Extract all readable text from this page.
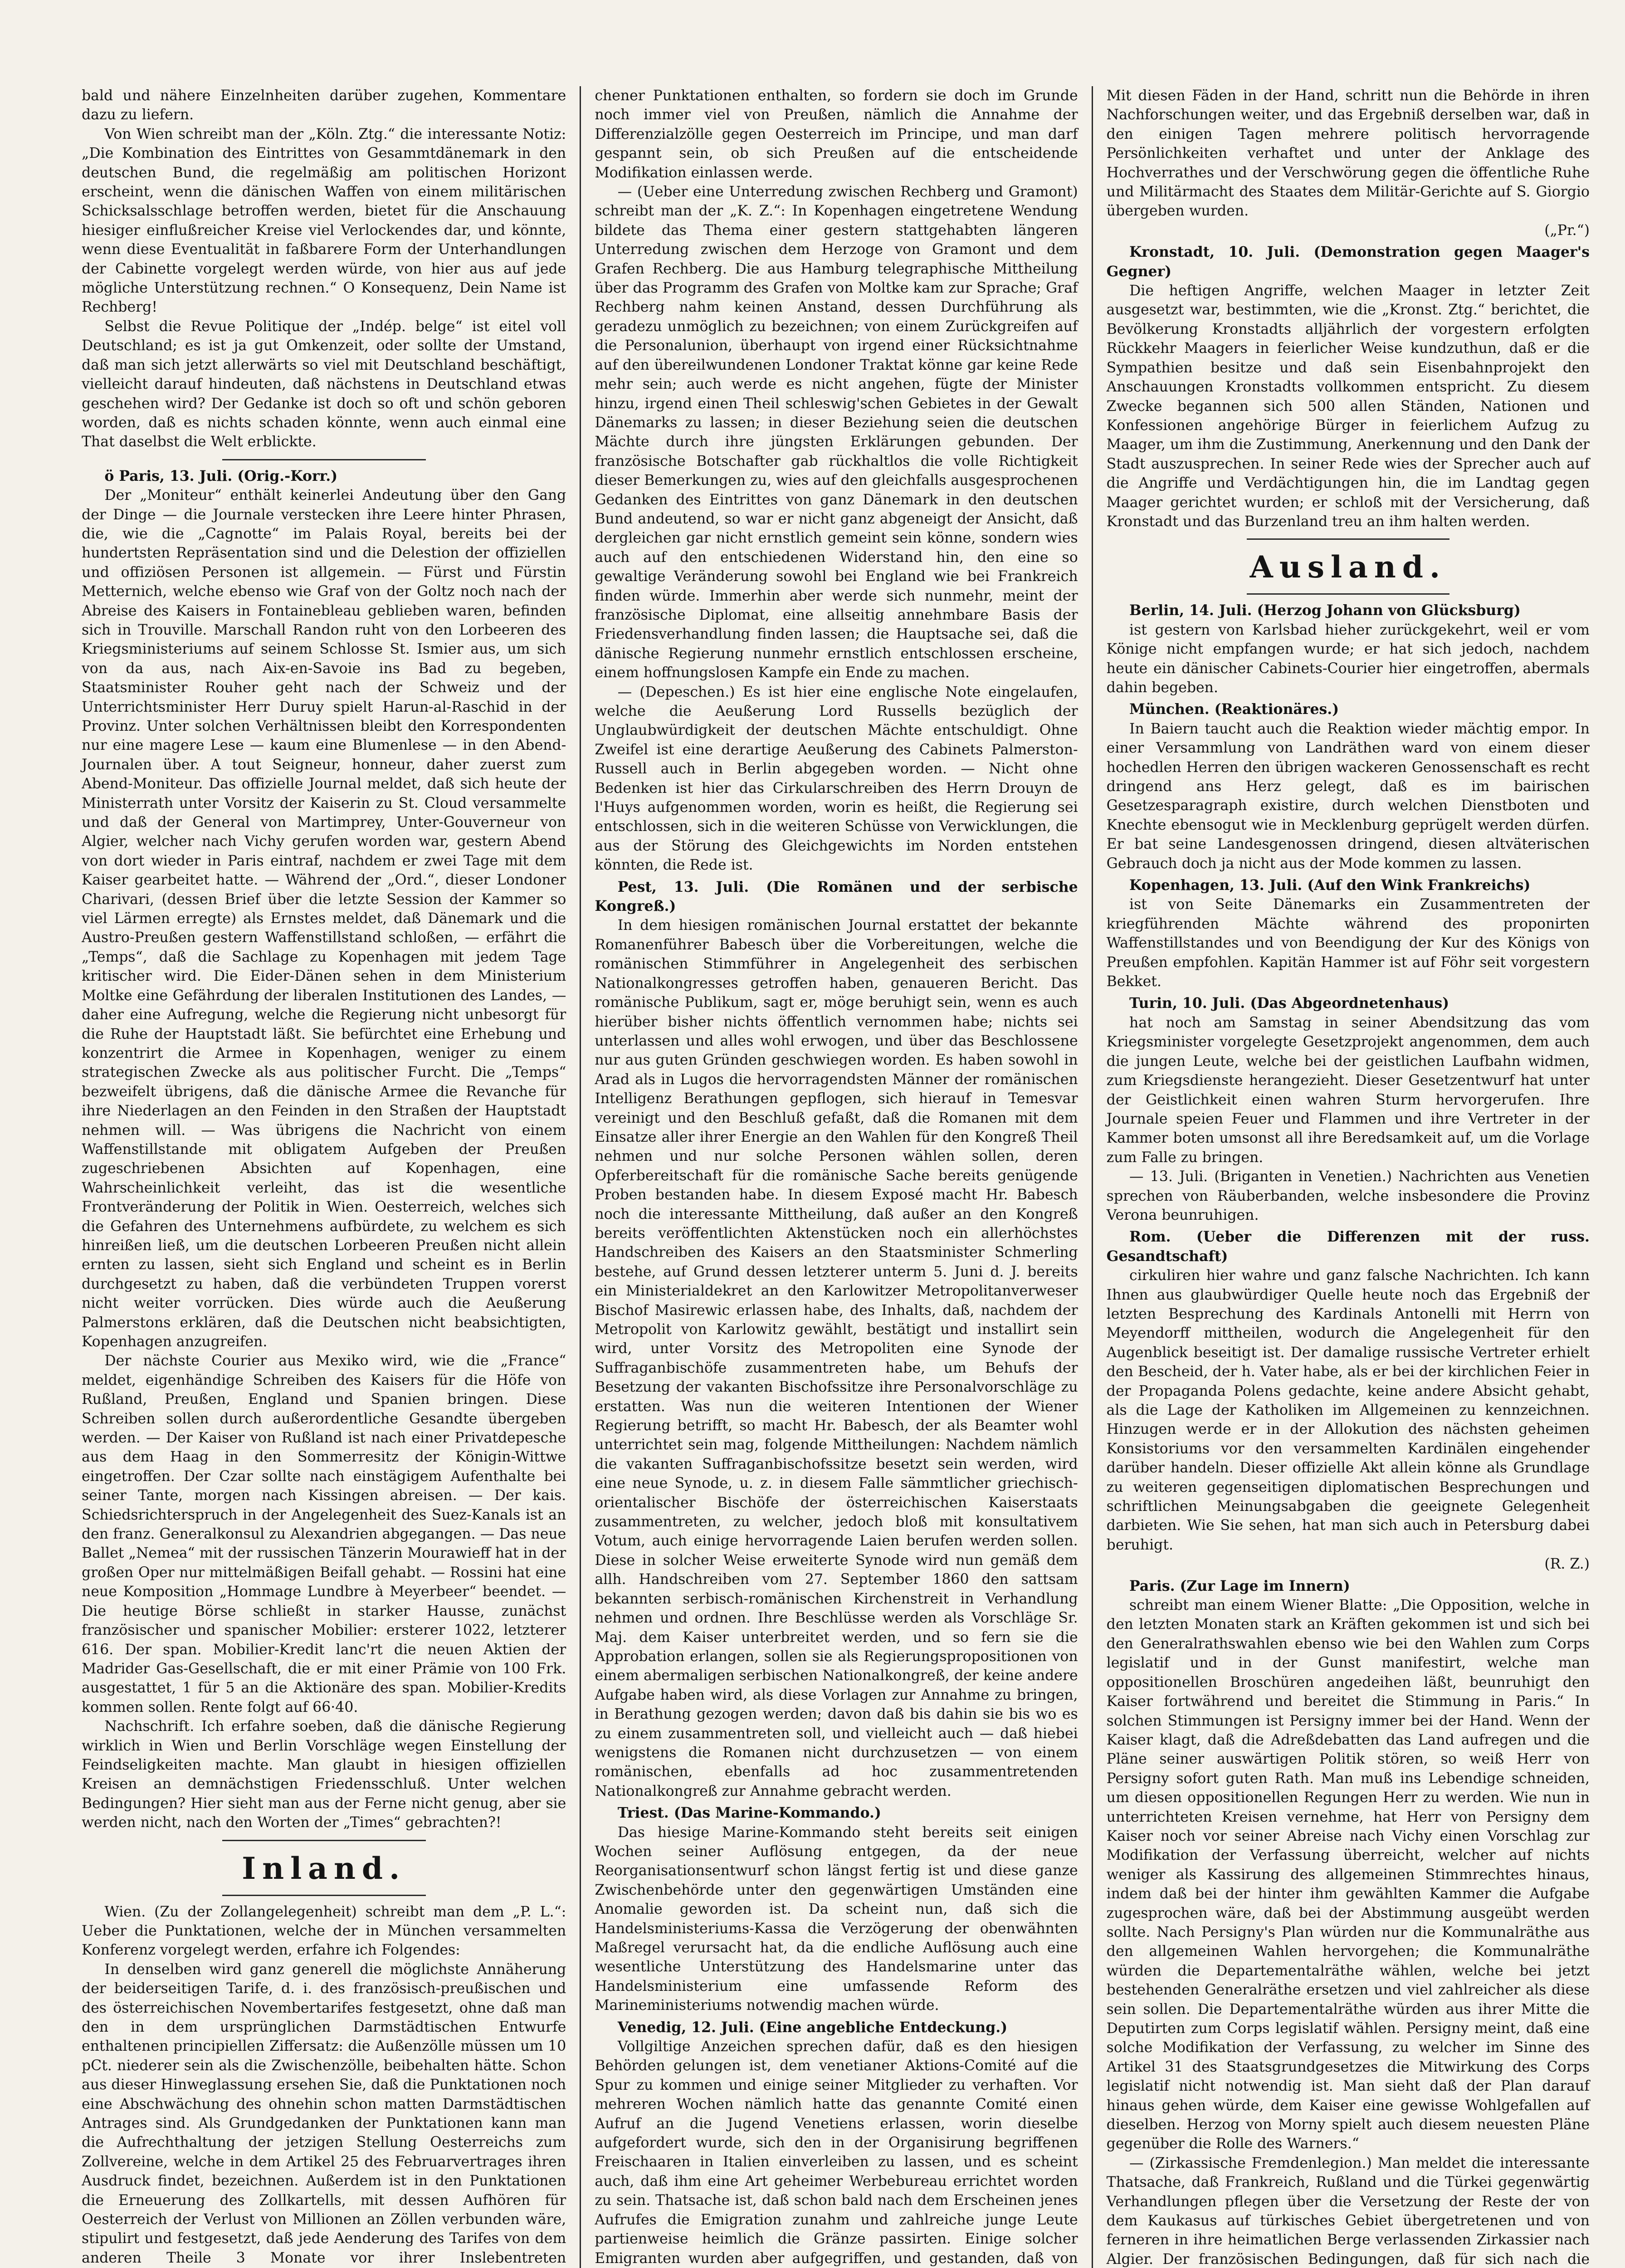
bald und nähere Einzelnheiten darüber zugehen, Kommentare dazu zu liefern.

Von Wien schreibt man der „Köln. Ztg.“ die interessante Notiz: „Die Kombination des Eintrittes von Gesammtdänemark in den deutschen Bund, die regelmäßig am politischen Horizont erscheint, wenn die dänischen Waffen von einem militärischen Schicksalsschlage betroffen werden, bietet für die Anschauung hiesiger einflußreicher Kreise viel Verlockendes dar, und könnte, wenn diese Eventualität in faßbarere Form der Unterhandlungen der Cabinette vorgelegt werden würde, von hier aus auf jede mögliche Unterstützung rechnen.“ O Konsequenz, Dein Name ist Rechberg!

Selbst die Revue Politique der „Indép. belge“ ist eitel voll Deutschland; es ist ja gut Omkenzeit, oder sollte der Umstand, daß man sich jetzt allerwärts so viel mit Deutschland beschäftigt, vielleicht darauf hindeuten, daß nächstens in Deutschland etwas geschehen wird? Der Gedanke ist doch so oft und schön geboren worden, daß es nichts schaden könnte, wenn auch einmal eine That daselbst die Welt erblickte.

ö Paris, 13. Juli. (Orig.-Korr.)

Der „Moniteur“ enthält keinerlei Andeutung über den Gang der Dinge — die Journale verstecken ihre Leere hinter Phrasen, die, wie die „Cagnotte“ im Palais Royal, bereits bei der hundertsten Repräsentation sind und die Delestion der offiziellen und offiziösen Personen ist allgemein. — Fürst und Fürstin Metternich, welche ebenso wie Graf von der Goltz noch nach der Abreise des Kaisers in Fontainebleau geblieben waren, befinden sich in Trouville. Marschall Randon ruht von den Lorbeeren des Kriegsministeriums auf seinem Schlosse St. Ismier aus, um sich von da aus, nach Aix-en-Savoie ins Bad zu begeben, Staatsminister Rouher geht nach der Schweiz und der Unterrichtsminister Herr Duruy spielt Harun-al-Raschid in der Provinz. Unter solchen Verhältnissen bleibt den Korrespondenten nur eine magere Lese — kaum eine Blumenlese — in den Abend-Journalen über. A tout Seigneur, honneur, daher zuerst zum Abend-Moniteur. Das offizielle Journal meldet, daß sich heute der Ministerrath unter Vorsitz der Kaiserin zu St. Cloud versammelte und daß der General von Martimprey, Unter-Gouverneur von Algier, welcher nach Vichy gerufen worden war, gestern Abend von dort wieder in Paris eintraf, nachdem er zwei Tage mit dem Kaiser gearbeitet hatte. — Während der „Ord.“, dieser Londoner Charivari, (dessen Brief über die letzte Session der Kammer so viel Lärmen erregte) als Ernstes meldet, daß Dänemark und die Austro-Preußen gestern Waffenstillstand schloßen, — erfährt die „Temps“, daß die Sachlage zu Kopenhagen mit jedem Tage kritischer wird. Die Eider-Dänen sehen in dem Ministerium Moltke eine Gefährdung der liberalen Institutionen des Landes, — daher eine Aufregung, welche die Regierung nicht unbesorgt für die Ruhe der Hauptstadt läßt. Sie befürchtet eine Erhebung und konzentrirt die Armee in Kopenhagen, weniger zu einem strategischen Zwecke als aus politischer Furcht. Die „Temps“ bezweifelt übrigens, daß die dänische Armee die Revanche für ihre Niederlagen an den Feinden in den Straßen der Hauptstadt nehmen will. — Was übrigens die Nachricht von einem Waffenstillstande mit obligatem Aufgeben der Preußen zugeschriebenen Absichten auf Kopenhagen, eine Wahrscheinlichkeit verleiht, das ist die wesentliche Frontveränderung der Politik in Wien. Oesterreich, welches sich die Gefahren des Unternehmens aufbürdete, zu welchem es sich hinreißen ließ, um die deutschen Lorbeeren Preußen nicht allein ernten zu lassen, sieht sich England und scheint es in Berlin durchgesetzt zu haben, daß die verbündeten Truppen vorerst nicht weiter vorrücken. Dies würde auch die Aeußerung Palmerstons erklären, daß die Deutschen nicht beabsichtigten, Kopenhagen anzugreifen.

Der nächste Courier aus Mexiko wird, wie die „France“ meldet, eigenhändige Schreiben des Kaisers für die Höfe von Rußland, Preußen, England und Spanien bringen. Diese Schreiben sollen durch außerordentliche Gesandte übergeben werden. — Der Kaiser von Rußland ist nach einer Privatdepesche aus dem Haag in den Sommerresitz der Königin-Wittwe eingetroffen. Der Czar sollte nach einstägigem Aufenthalte bei seiner Tante, morgen nach Kissingen abreisen. — Der kais. Schiedsrichterspruch in der Angelegenheit des Suez-Kanals ist an den franz. Generalkonsul zu Alexandrien abgegangen. — Das neue Ballet „Nemea“ mit der russischen Tänzerin Mourawieff hat in der großen Oper nur mittelmäßigen Beifall gehabt. — Rossini hat eine neue Komposition „Hommage Lundbre à Meyerbeer“ beendet. — Die heutige Börse schließt in starker Hausse, zunächst französischer und spanischer Mobilier: ersterer 1022, letzterer 616. Der span. Mobilier-Kredit lanc'rt die neuen Aktien der Madrider Gas-Gesellschaft, die er mit einer Prämie von 100 Frk. ausgestattet, 1 für 5 an die Aktionäre des span. Mobilier-Kredits kommen sollen. Rente folgt auf 66·40.

Nachschrift. Ich erfahre soeben, daß die dänische Regierung wirklich in Wien und Berlin Vorschläge wegen Einstellung der Feindseligkeiten machte. Man glaubt in hiesigen offiziellen Kreisen an demnächstigen Friedensschluß. Unter welchen Bedingungen? Hier sieht man aus der Ferne nicht genug, aber sie werden nicht, nach den Worten der „Times“ gebrachten?!

Inland.

Wien. (Zu der Zollangelegenheit) schreibt man dem „P. L.“: Ueber die Punktationen, welche der in München versammelten Konferenz vorgelegt werden, erfahre ich Folgendes:

In denselben wird ganz generell die möglichste Annäherung der beiderseitigen Tarife, d. i. des französisch-preußischen und des österreichischen Novembertarifes festgesetzt, ohne daß man den in dem ursprünglichen Darmstädtischen Entwurfe enthaltenen principiellen Ziffersatz: die Außenzölle müssen um 10 pCt. niederer sein als die Zwischenzölle, beibehalten hätte. Schon aus dieser Hinweglassung ersehen Sie, daß die Punktationen noch eine Abschwächung des ohnehin schon matten Darmstädtischen Antrages sind. Als Grundgedanken der Punktationen kann man die Aufrechthaltung der jetzigen Stellung Oesterreichs zum Zollvereine, welche in dem Artikel 25 des Februarvertrages ihren Ausdruck findet, bezeichnen. Außerdem ist in den Punktationen die Erneuerung des Zollkartells, mit dessen Aufhören für Oesterreich der Verlust von Millionen an Zöllen verbunden wäre, stipulirt und festgesetzt, daß jede Aenderung des Tarifes von dem anderen Theile 3 Monate vor ihrer Inslebentreten

chener Punktationen enthalten, so fordern sie doch im Grunde noch immer viel von Preußen, nämlich die Annahme der Differenzialzölle gegen Oesterreich im Principe, und man darf gespannt sein, ob sich Preußen auf die entscheidende Modifikation einlassen werde.

— (Ueber eine Unterredung zwischen Rechberg und Gramont) schreibt man der „K. Z.“: In Kopenhagen eingetretene Wendung bildete das Thema einer gestern stattgehabten längeren Unterredung zwischen dem Herzoge von Gramont und dem Grafen Rechberg. Die aus Hamburg telegraphische Mittheilung über das Programm des Grafen von Moltke kam zur Sprache; Graf Rechberg nahm keinen Anstand, dessen Durchführung als geradezu unmöglich zu bezeichnen; von einem Zurückgreifen auf die Personalunion, überhaupt von irgend einer Rücksichtnahme auf den übereilwundenen Londoner Traktat könne gar keine Rede mehr sein; auch werde es nicht angehen, fügte der Minister hinzu, irgend einen Theil schleswig'schen Gebietes in der Gewalt Dänemarks zu lassen; in dieser Beziehung seien die deutschen Mächte durch ihre jüngsten Erklärungen gebunden. Der französische Botschafter gab rückhaltlos die volle Richtigkeit dieser Bemerkungen zu, wies auf den gleichfalls ausgesprochenen Gedanken des Eintrittes von ganz Dänemark in den deutschen Bund andeutend, so war er nicht ganz abgeneigt der Ansicht, daß dergleichen gar nicht ernstlich gemeint sein könne, sondern wies auch auf den entschiedenen Widerstand hin, den eine so gewaltige Veränderung sowohl bei England wie bei Frankreich finden würde. Immerhin aber werde sich nunmehr, meint der französische Diplomat, eine allseitig annehmbare Basis der Friedensverhandlung finden lassen; die Hauptsache sei, daß die dänische Regierung nunmehr ernstlich entschlossen erscheine, einem hoffnungslosen Kampfe ein Ende zu machen.

— (Depeschen.) Es ist hier eine englische Note eingelaufen, welche die Aeußerung Lord Russells bezüglich der Unglaubwürdigkeit der deutschen Mächte entschuldigt. Ohne Zweifel ist eine derartige Aeußerung des Cabinets Palmerston-Russell auch in Berlin abgegeben worden. — Nicht ohne Bedenken ist hier das Cirkularschreiben des Herrn Drouyn de l'Huys aufgenommen worden, worin es heißt, die Regierung sei entschlossen, sich in die weiteren Schüsse von Verwicklungen, die aus der Störung des Gleichgewichts im Norden entstehen könnten, die Rede ist.

Pest, 13. Juli. (Die Romänen und der serbische Kongreß.)

In dem hiesigen romänischen Journal erstattet der bekannte Romanenführer Babesch über die Vorbereitungen, welche die romänischen Stimmführer in Angelegenheit des serbischen Nationalkongresses getroffen haben, genaueren Bericht. Das romänische Publikum, sagt er, möge beruhigt sein, wenn es auch hierüber bisher nichts öffentlich vernommen habe; nichts sei unterlassen und alles wohl erwogen, und über das Beschlossene nur aus guten Gründen geschwiegen worden. Es haben sowohl in Arad als in Lugos die hervorragendsten Männer der romänischen Intelligenz Berathungen gepflogen, sich hierauf in Temesvar vereinigt und den Beschluß gefaßt, daß die Romanen mit dem Einsatze aller ihrer Energie an den Wahlen für den Kongreß Theil nehmen und nur solche Personen wählen sollen, deren Opferbereitschaft für die romänische Sache bereits genügende Proben bestanden habe. In diesem Exposé macht Hr. Babesch noch die interessante Mittheilung, daß außer an den Kongreß bereits veröffentlichten Aktenstücken noch ein allerhöchstes Handschreiben des Kaisers an den Staatsminister Schmerling bestehe, auf Grund dessen letzterer unterm 5. Juni d. J. bereits ein Ministerialdekret an den Karlowitzer Metropolitanverweser Bischof Masirewic erlassen habe, des Inhalts, daß, nachdem der Metropolit von Karlowitz gewählt, bestätigt und installirt sein wird, unter Vorsitz des Metropoliten eine Synode der Suffraganbischöfe zusammentreten habe, um Behufs der Besetzung der vakanten Bischofssitze ihre Personalvorschläge zu erstatten. Was nun die weiteren Intentionen der Wiener Regierung betrifft, so macht Hr. Babesch, der als Beamter wohl unterrichtet sein mag, folgende Mittheilungen: Nachdem nämlich die vakanten Suffraganbischofssitze besetzt sein werden, wird eine neue Synode, u. z. in diesem Falle sämmtlicher griechisch-orientalischer Bischöfe der österreichischen Kaiserstaats zusammentreten, zu welcher, jedoch bloß mit konsultativem Votum, auch einige hervorragende Laien berufen werden sollen. Diese in solcher Weise erweiterte Synode wird nun gemäß dem allh. Handschreiben vom 27. September 1860 den sattsam bekannten serbisch-romänischen Kirchenstreit in Verhandlung nehmen und ordnen. Ihre Beschlüsse werden als Vorschläge Sr. Maj. dem Kaiser unterbreitet werden, und so fern sie die Approbation erlangen, sollen sie als Regierungspropositionen von einem abermaligen serbischen Nationalkongreß, der keine andere Aufgabe haben wird, als diese Vorlagen zur Annahme zu bringen, in Berathung gezogen werden; davon daß bis dahin sie bis wo es zu einem zusammentreten soll, und vielleicht auch — daß hiebei wenigstens die Romanen nicht durchzusetzen — von einem romänischen, ebenfalls ad hoc zusammentretenden Nationalkongreß zur Annahme gebracht werden.

Triest. (Das Marine-Kommando.)

Das hiesige Marine-Kommando steht bereits seit einigen Wochen seiner Auflösung entgegen, da der neue Reorganisationsentwurf schon längst fertig ist und diese ganze Zwischenbehörde unter den gegenwärtigen Umständen eine Anomalie geworden ist. Da scheint nun, daß sich die Handelsministeriums-Kassa die Verzögerung der obenwähnten Maßregel verursacht hat, da die endliche Auflösung auch eine wesentliche Unterstützung des Handelsmarine unter das Handelsministerium eine umfassende Reform des Marineministeriums notwendig machen würde.

Venedig, 12. Juli. (Eine angebliche Entdeckung.)

Vollgiltige Anzeichen sprechen dafür, daß es den hiesigen Behörden gelungen ist, dem venetianer Aktions-Comité auf die Spur zu kommen und einige seiner Mitglieder zu verhaften. Vor mehreren Wochen nämlich hatte das genannte Comité einen Aufruf an die Jugend Venetiens erlassen, worin dieselbe aufgefordert wurde, sich den in der Organisirung begriffenen Freischaaren in Italien einverleiben zu lassen, und es scheint auch, daß ihm eine Art geheimer Werbebureau errichtet worden zu sein. Thatsache ist, daß schon bald nach dem Erscheinen jenes Aufrufes die Emigration zunahm und zahlreiche junge Leute partienweise heimlich die Gränze passirten. Einige solcher Emigranten wurden aber aufgegriffen, und gestanden, daß von

Mit diesen Fäden in der Hand, schritt nun die Behörde in ihren Nachforschungen weiter, und das Ergebniß derselben war, daß in den einigen Tagen mehrere politisch hervorragende Persönlichkeiten verhaftet und unter der Anklage des Hochverrathes und der Verschwörung gegen die öffentliche Ruhe und Militärmacht des Staates dem Militär-Gerichte auf S. Giorgio übergeben wurden.

(„Pr.“)

Kronstadt, 10. Juli. (Demonstration gegen Maager's Gegner)

Die heftigen Angriffe, welchen Maager in letzter Zeit ausgesetzt war, bestimmten, wie die „Kronst. Ztg.“ berichtet, die Bevölkerung Kronstadts alljährlich der vorgestern erfolgten Rückkehr Maagers in feierlicher Weise kundzuthun, daß er die Sympathien besitze und daß sein Eisenbahnprojekt den Anschauungen Kronstadts vollkommen entspricht. Zu diesem Zwecke begannen sich 500 allen Ständen, Nationen und Konfessionen angehörige Bürger in feierlichem Aufzug zu Maager, um ihm die Zustimmung, Anerkennung und den Dank der Stadt auszusprechen. In seiner Rede wies der Sprecher auch auf die Angriffe und Verdächtigungen hin, die im Landtag gegen Maager gerichtet wurden; er schloß mit der Versicherung, daß Kronstadt und das Burzenland treu an ihm halten werden.

Ausland.

Berlin, 14. Juli. (Herzog Johann von Glücksburg)

ist gestern von Karlsbad hieher zurückgekehrt, weil er vom Könige nicht empfangen wurde; er hat sich jedoch, nachdem heute ein dänischer Cabinets-Courier hier eingetroffen, abermals dahin begeben.

München. (Reaktionäres.)

In Baiern taucht auch die Reaktion wieder mächtig empor. In einer Versammlung von Landräthen ward von einem dieser hochedlen Herren den übrigen wackeren Genossenschaft es recht dringend ans Herz gelegt, daß es im bairischen Gesetzesparagraph existire, durch welchen Dienstboten und Knechte ebensogut wie in Mecklenburg geprügelt werden dürfen. Er bat seine Landesgenossen dringend, diesen altväterischen Gebrauch doch ja nicht aus der Mode kommen zu lassen.

Kopenhagen, 13. Juli. (Auf den Wink Frankreichs)

ist von Seite Dänemarks ein Zusammentreten der kriegführenden Mächte während des proponirten Waffenstillstandes und von Beendigung der Kur des Königs von Preußen empfohlen. Kapitän Hammer ist auf Föhr seit vorgestern Bekket.

Turin, 10. Juli. (Das Abgeordnetenhaus)

hat noch am Samstag in seiner Abendsitzung das vom Kriegsminister vorgelegte Gesetzprojekt angenommen, dem auch die jungen Leute, welche bei der geistlichen Laufbahn widmen, zum Kriegsdienste herangezieht. Dieser Gesetzentwurf hat unter der Geistlichkeit einen wahren Sturm hervorgerufen. Ihre Journale speien Feuer und Flammen und ihre Vertreter in der Kammer boten umsonst all ihre Beredsamkeit auf, um die Vorlage zum Falle zu bringen.

— 13. Juli. (Briganten in Venetien.) Nachrichten aus Venetien sprechen von Räuberbanden, welche insbesondere die Provinz Verona beunruhigen.

Rom. (Ueber die Differenzen mit der russ. Gesandtschaft)

cirkuliren hier wahre und ganz falsche Nachrichten. Ich kann Ihnen aus glaubwürdiger Quelle heute noch das Ergebniß der letzten Besprechung des Kardinals Antonelli mit Herrn von Meyendorff mittheilen, wodurch die Angelegenheit für den Augenblick beseitigt ist. Der damalige russische Vertreter erhielt den Bescheid, der h. Vater habe, als er bei der kirchlichen Feier in der Propaganda Polens gedachte, keine andere Absicht gehabt, als die Lage der Katholiken im Allgemeinen zu kennzeichnen. Hinzugen werde er in der Allokution des nächsten geheimen Konsistoriums vor den versammelten Kardinälen eingehender darüber handeln. Dieser offizielle Akt allein könne als Grundlage zu weiteren gegenseitigen diplomatischen Besprechungen und schriftlichen Meinungsabgaben die geeignete Gelegenheit darbieten. Wie Sie sehen, hat man sich auch in Petersburg dabei beruhigt.

(R. Z.)

Paris. (Zur Lage im Innern)

schreibt man einem Wiener Blatte: „Die Opposition, welche in den letzten Monaten stark an Kräften gekommen ist und sich bei den Generalrathswahlen ebenso wie bei den Wahlen zum Corps legislatif und in der Gunst manifestirt, welche man oppositionellen Broschüren angedeihen läßt, beunruhigt den Kaiser fortwährend und bereitet die Stimmung in Paris.“ In solchen Stimmungen ist Persigny immer bei der Hand. Wenn der Kaiser klagt, daß die Adreßdebatten das Land aufregen und die Pläne seiner auswärtigen Politik stören, so weiß Herr von Persigny sofort guten Rath. Man muß ins Lebendige schneiden, um diesen oppositionellen Regungen Herr zu werden. Wie nun in unterrichteten Kreisen vernehme, hat Herr von Persigny dem Kaiser noch vor seiner Abreise nach Vichy einen Vorschlag zur Modifikation der Verfassung überreicht, welcher auf nichts weniger als Kassirung des allgemeinen Stimmrechtes hinaus, indem daß bei der hinter ihm gewählten Kammer die Aufgabe zugesprochen wäre, daß bei der Abstimmung ausgeübt werden sollte. Nach Persigny's Plan würden nur die Kommunalräthe aus den allgemeinen Wahlen hervorgehen; die Kommunalräthe würden die Departementalräthe wählen, welche bei jetzt bestehenden Generalräthe ersetzen und viel zahlreicher als diese sein sollen. Die Departementalräthe würden aus ihrer Mitte die Deputirten zum Corps legislatif wählen. Persigny meint, daß eine solche Modifikation der Verfassung, zu welcher im Sinne des Artikel 31 des Staatsgrundgesetzes die Mitwirkung des Corps legislatif nicht notwendig ist. Man sieht daß der Plan darauf hinaus gehen würde, dem Kaiser eine gewisse Wohlgefallen auf dieselben. Herzog von Morny spielt auch diesem neuesten Pläne gegenüber die Rolle des Warners.“

— (Zirkassische Fremdenlegion.) Man meldet die interessante Thatsache, daß Frankreich, Rußland und die Türkei gegenwärtig Verhandlungen pflegen über die Versetzung der Reste der von dem Kaukasus auf türkisches Gebiet übergetretenen und von ferneren in ihre heimatlichen Berge verlassenden Zirkassier nach Algier. Der französischen Bedingungen, daß für sich nach die
